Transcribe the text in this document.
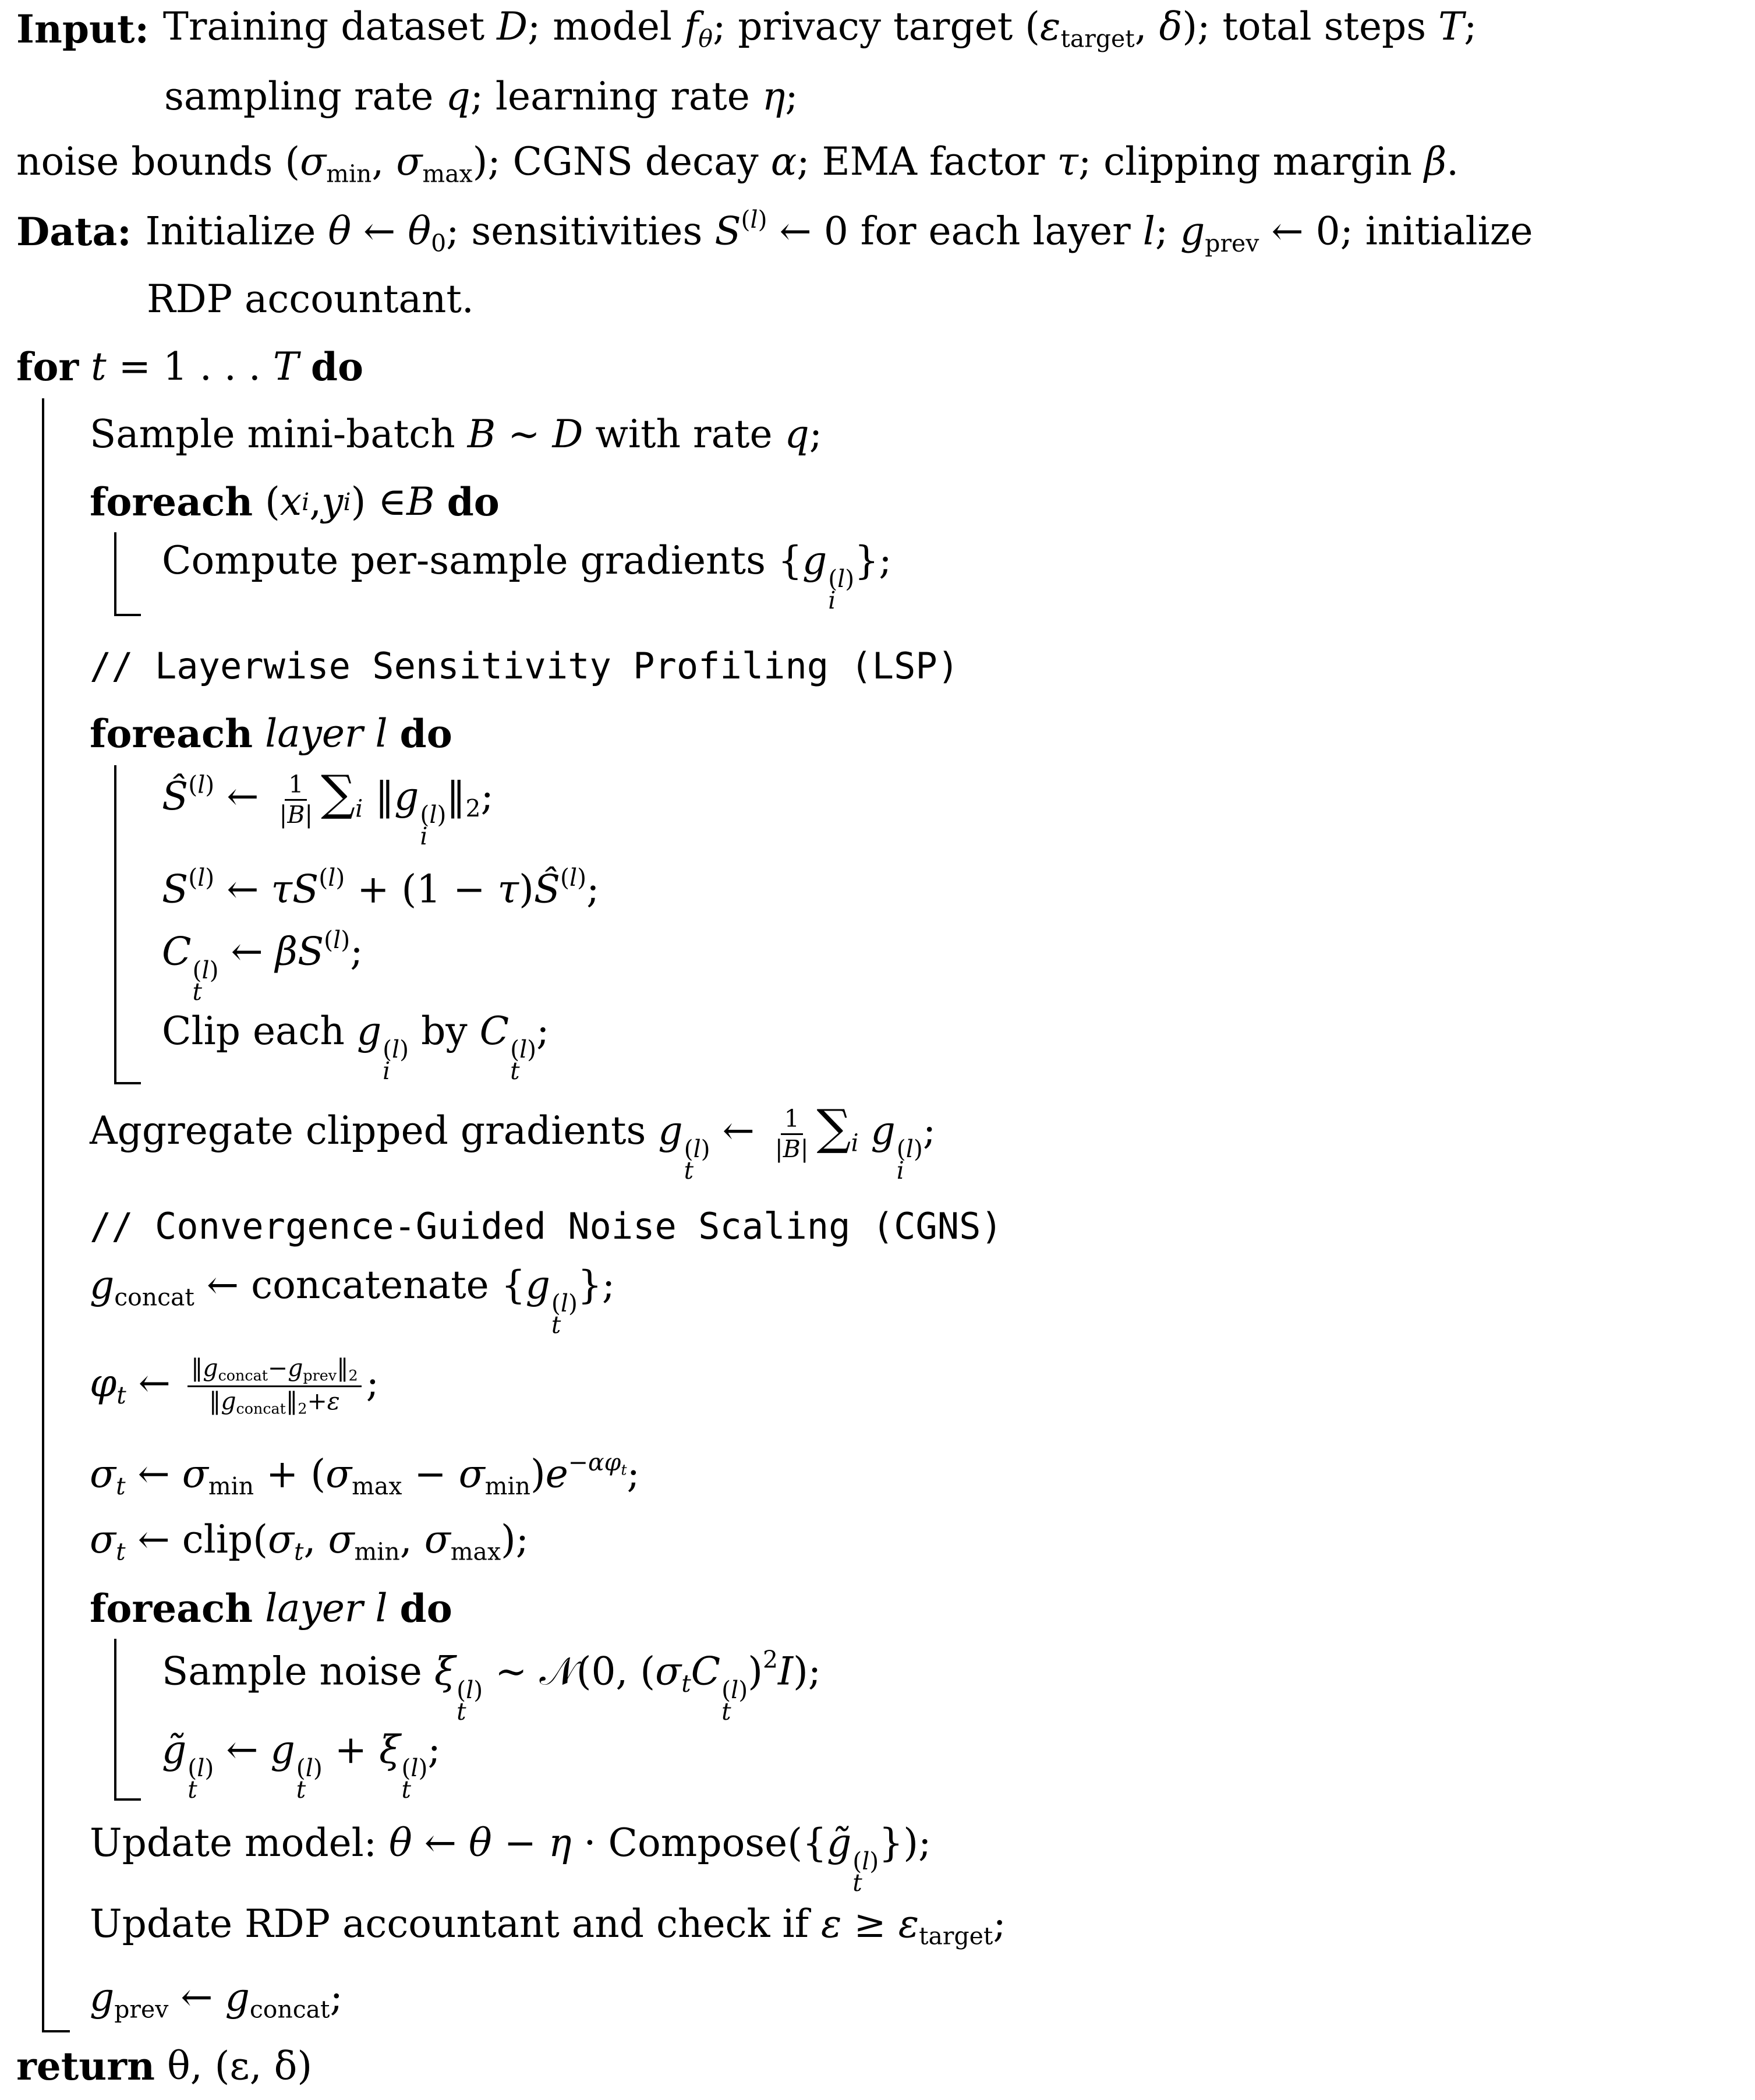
Input: Training dataset D; model $f_\theta$; privacy target ($\varepsilon_{target}$, δ); total steps T;
sampling rate q; learning rate η;
noise bounds ($\sigma_{min}$, $\sigma_{max}$); CGNS decay α; EMA factor τ; clipping margin β.
Data: Initialize θ ← $\theta_0$; sensitivities $S^{(l)}$ ← 0 for each layer l; $g_{prev}$ ← 0; initialize
RDP accountant.
for
t = 1 . . . T
do
Sample mini-batch B ∼ D with rate q;
foreach ( x i , y i ) ∈ B
do
Compute per-sample gradients {g (l)
i
};
// Layerwise Sensitivity Profiling (LSP)
foreach
layer l
do
$Ŝ^{(l)}$ ← $\frac{1}{|B|} \sum_i$ ‖g (l)
i
$‖_2$;
$S^{(l)}$ ← $\tau S^{(l)} + (1$ − $\tau)Ŝ^{(l)}$;
C (l)
t
← $\beta S^{(l)}$;
Clip each g (l)
i
by C (l)
t
;
Aggregate clipped gradients g (l)
t
← $\frac{1}{|B|} \sum_i$ g (l)
i
;
// Convergence-Guided Noise Scaling (CGNS)
$g_{concat}$ ← concatenate {g (l)
t
};
$\varphi_t$ ← $\frac{‖g_{concat}-g_{prev}‖_2}{‖g_{concat}‖_2+\varepsilon}$ ;
$\sigma_t$ ← $\sigma_{min} + (\sigma_{max} - \sigma_{min})e^{-\alpha\varphi_t}$;
$\sigma_t$ ← $clip(\sigma_t$, $\sigma_{min}$, $\sigma_{max}$);
foreach
layer l
do
Sample noise ξ (l)
t
∼ 𝒩(0, ($\sigma_tC$ (l)
t
)$^2$I);
g̃ (l)
t
← g (l)
t
+ ξ (l)
t
;
Update model: θ ← θ − η · Compose({g̃ (l)
t
});
Update RDP accountant and check if $\varepsilon \ge \varepsilon_{target}$;
$g_{prev}$ ← $g_{concat}$;
return
θ, (ε, δ)
